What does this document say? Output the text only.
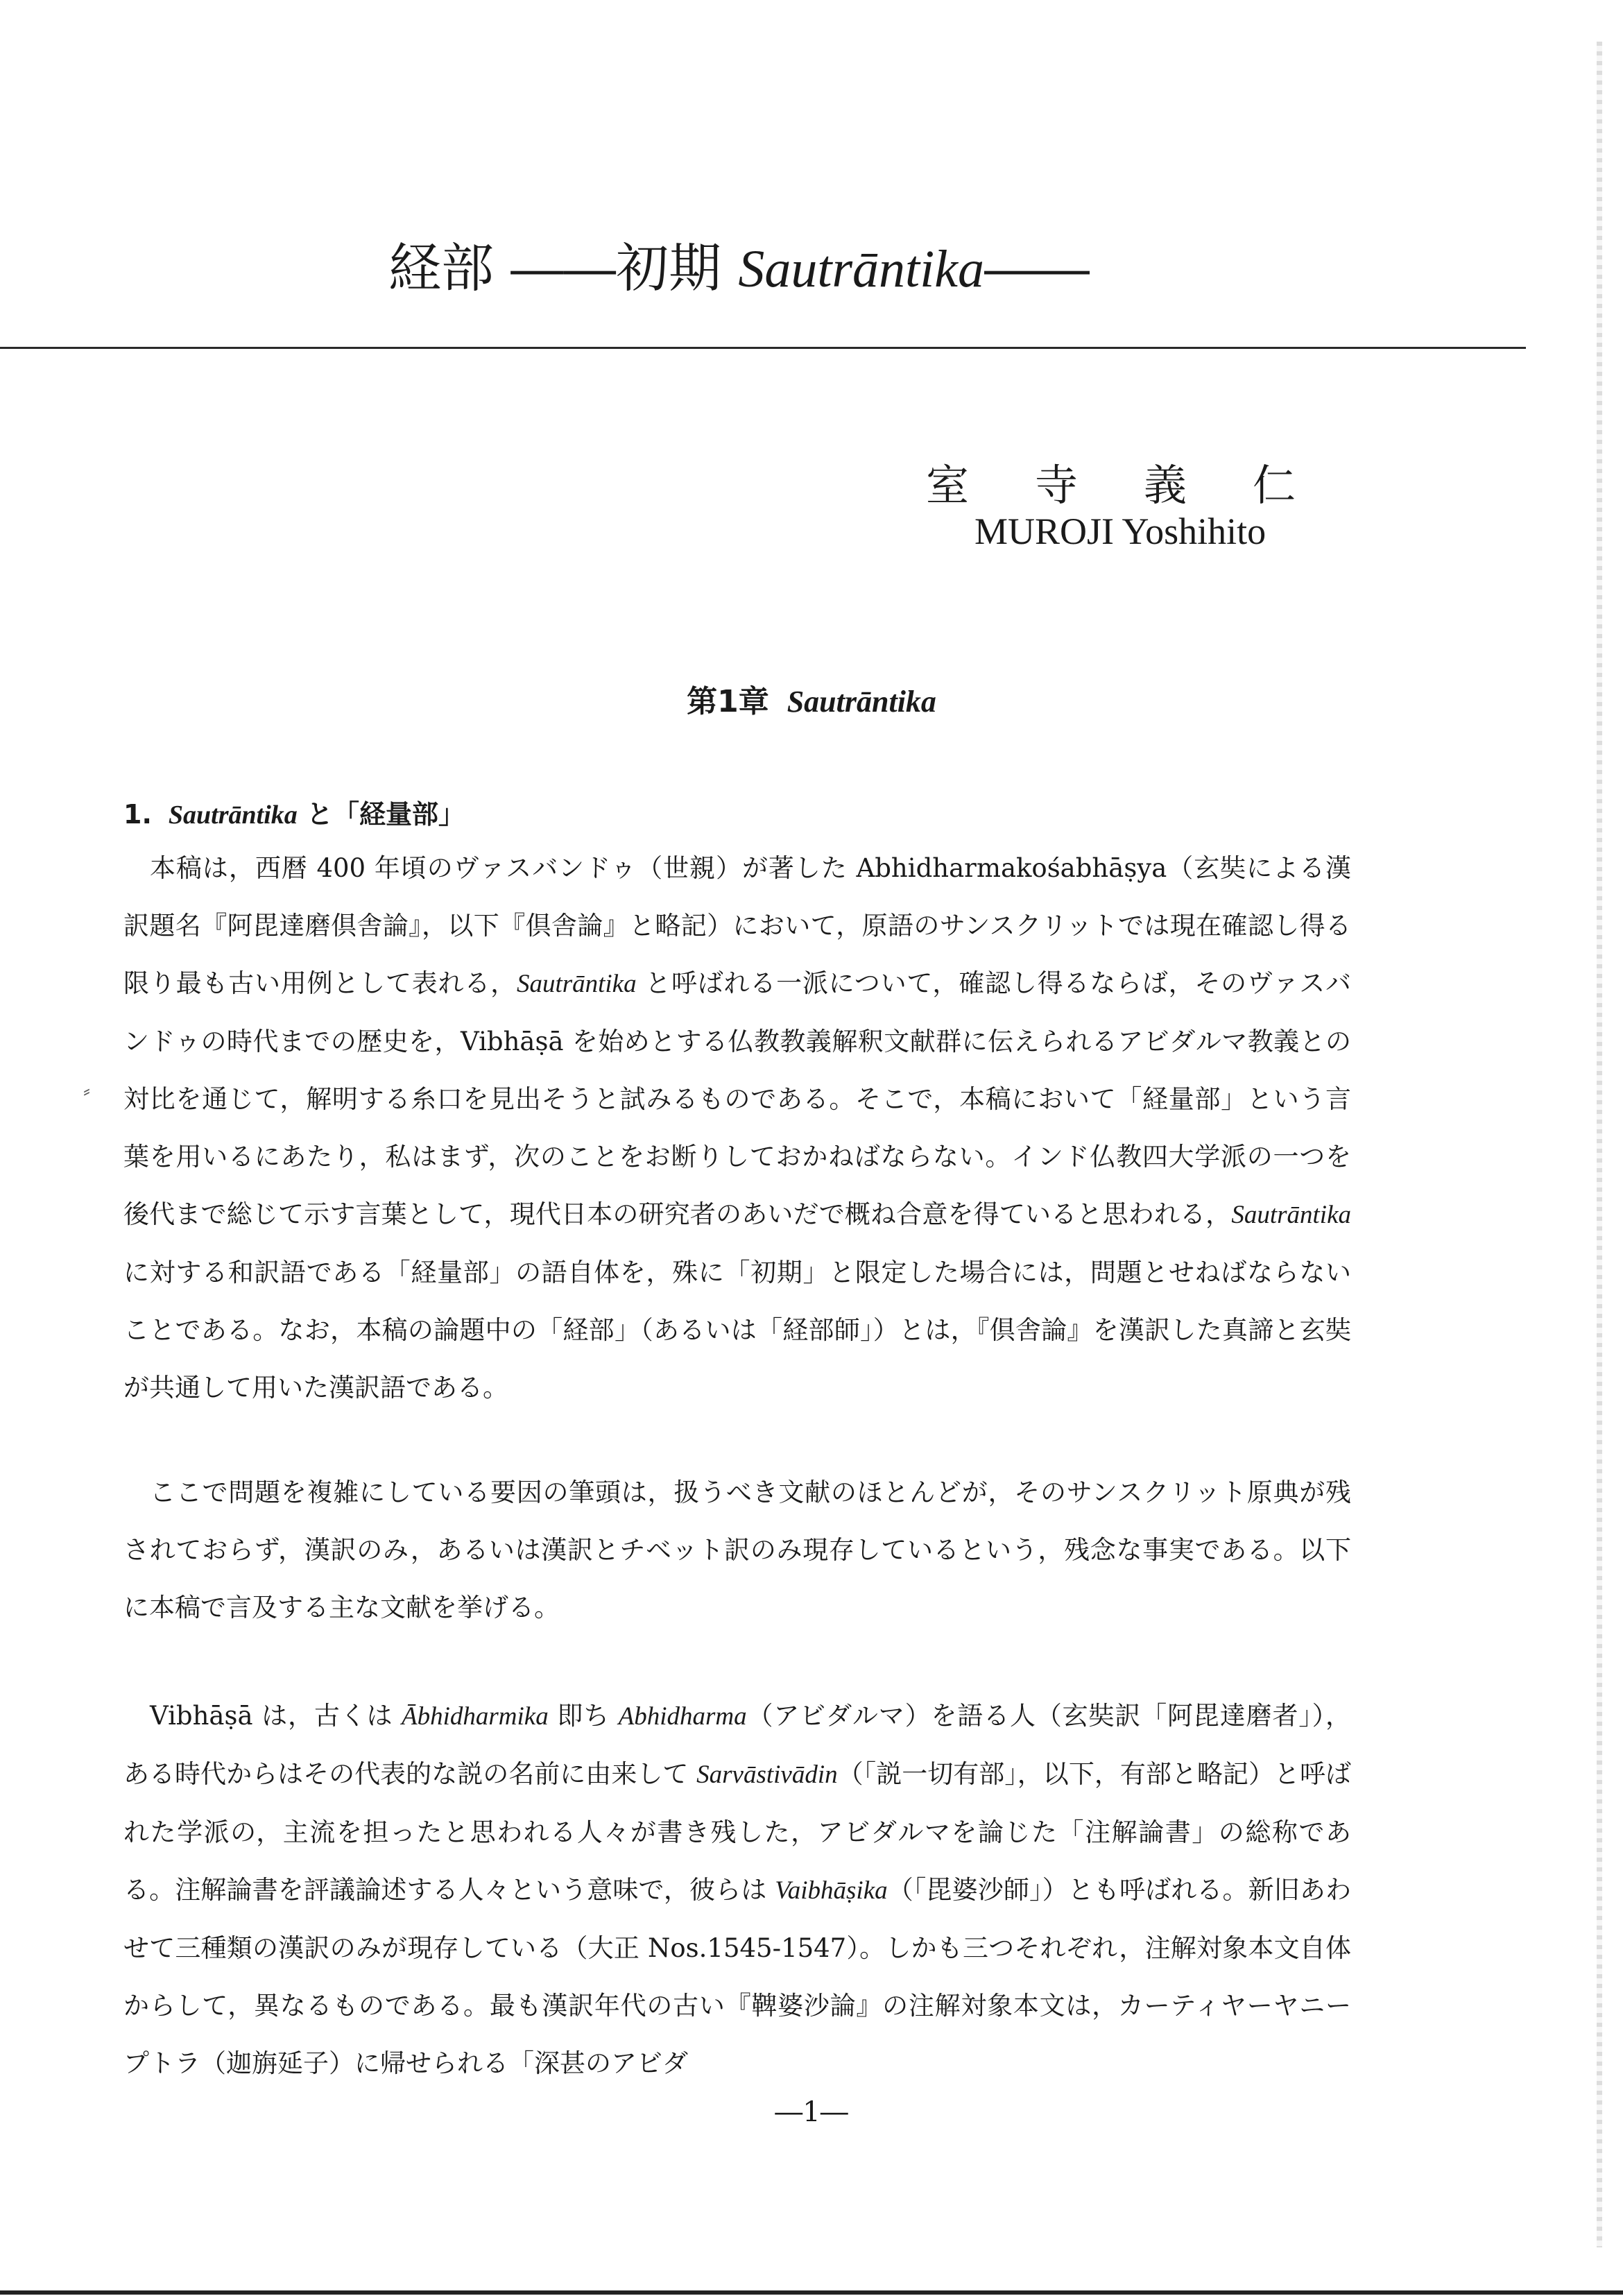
経部 ――初期 Sautrāntika――
室寺義仁
MUROJI Yoshihito
第1章 Sautrāntika
1. Sautrāntika と「経量部」
⸗

本稿は，西暦 400 年頃のヴァスバンドゥ（世親）が著した Abhidharmakośabhāṣya（玄奘による漢訳題名『阿毘達磨倶舎論』，以下『倶舎論』と略記）において，原語のサンスクリットでは現在確認し得る限り最も古い用例として表れる，Sautrāntika と呼ばれる一派について，確認し得るならば，そのヴァスバンドゥの時代までの歴史を，Vibhāṣā を始めとする仏教教義解釈文献群に伝えられるアビダルマ教義との対比を通じて，解明する糸口を見出そうと試みるものである。そこで，本稿において「経量部」という言葉を用いるにあたり，私はまず，次のことをお断りしておかねばならない。インド仏教四大学派の一つを後代まで総じて示す言葉として，現代日本の研究者のあいだで概ね合意を得ていると思われる，Sautrāntika に対する和訳語である「経量部」の語自体を，殊に「初期」と限定した場合には，問題とせねばならないことである。なお，本稿の論題中の「経部」（あるいは「経部師」）とは，『倶舎論』を漢訳した真諦と玄奘が共通して用いた漢訳語である。

ここで問題を複雑にしている要因の筆頭は，扱うべき文献のほとんどが，そのサンスクリット原典が残されておらず，漢訳のみ，あるいは漢訳とチベット訳のみ現存しているという，残念な事実である。以下に本稿で言及する主な文献を挙げる。

Vibhāṣā は，古くは Ābhidharmika 即ち Abhidharma（アビダルマ）を語る人（玄奘訳「阿毘達磨者」），ある時代からはその代表的な説の名前に由来して Sarvāstivādin（「説一切有部」，以下，有部と略記）と呼ばれた学派の，主流を担ったと思われる人々が書き残した，アビダルマを論じた「注解論書」の総称である。注解論書を評議論述する人々という意味で，彼らは Vaibhāṣika（「毘婆沙師」）とも呼ばれる。新旧あわせて三種類の漢訳のみが現存している（大正 Nos.1545-1547）。しかも三つそれぞれ，注解対象本文自体からして，異なるものである。最も漢訳年代の古い『鞞婆沙論』の注解対象本文は，カーティヤーヤニープトラ（迦旃延子）に帰せられる「深甚のアビダ

―1―
